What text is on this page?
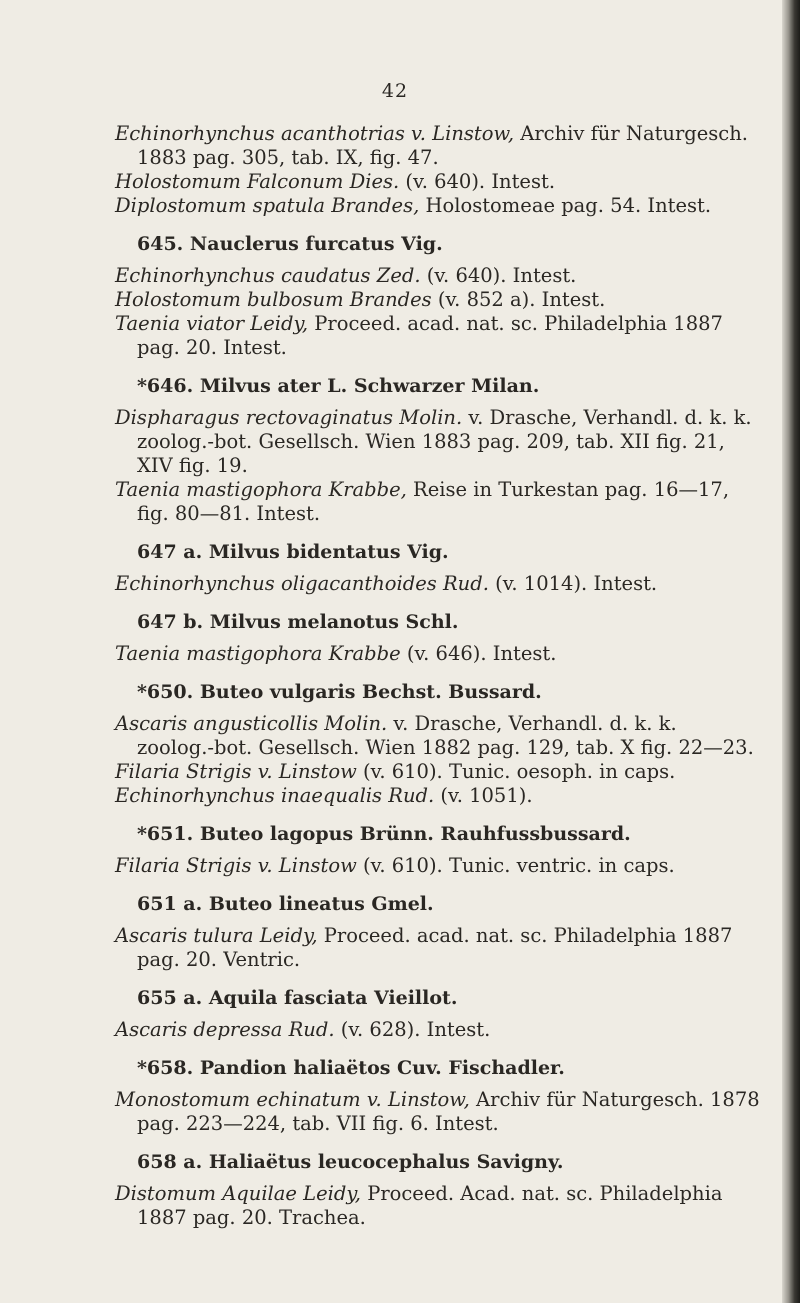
42
Echinorhynchus acanthotrias v. Linstow, Archiv für Naturgesch.
1883 pag. 305, tab. IX, fig. 47.
Holostomum Falconum Dies. (v. 640). Intest.
Diplostomum spatula Brandes, Holostomeae pag. 54. Intest.
645. Nauclerus furcatus Vig.
Echinorhynchus caudatus Zed. (v. 640). Intest.
Holostomum bulbosum Brandes (v. 852 a). Intest.
Taenia viator Leidy, Proceed. acad. nat. sc. Philadelphia 1887
pag. 20. Intest.
*646. Milvus ater L. Schwarzer Milan.
Dispharagus rectovaginatus Molin. v. Drasche, Verhandl. d. k. k.
zoolog.-bot. Gesellsch. Wien 1883 pag. 209, tab. XII fig. 21,
XIV fig. 19.
Taenia mastigophora Krabbe, Reise in Turkestan pag. 16—17,
fig. 80—81. Intest.
647 a. Milvus bidentatus Vig.
Echinorhynchus oligacanthoides Rud. (v. 1014). Intest.
647 b. Milvus melanotus Schl.
Taenia mastigophora Krabbe (v. 646). Intest.
*650. Buteo vulgaris Bechst. Bussard.
Ascaris angusticollis Molin. v. Drasche, Verhandl. d. k. k.
zoolog.-bot. Gesellsch. Wien 1882 pag. 129, tab. X fig. 22—23.
Filaria Strigis v. Linstow (v. 610). Tunic. oesoph. in caps.
Echinorhynchus inaequalis Rud. (v. 1051).
*651. Buteo lagopus Brünn. Rauhfussbussard.
Filaria Strigis v. Linstow (v. 610). Tunic. ventric. in caps.
651 a. Buteo lineatus Gmel.
Ascaris tulura Leidy, Proceed. acad. nat. sc. Philadelphia 1887
pag. 20. Ventric.
655 a. Aquila fasciata Vieillot.
Ascaris depressa Rud. (v. 628). Intest.
*658. Pandion haliaëtos Cuv. Fischadler.
Monostomum echinatum v. Linstow, Archiv für Naturgesch. 1878
pag. 223—224, tab. VII fig. 6. Intest.
658 a. Haliaëtus leucocephalus Savigny.
Distomum Aquilae Leidy, Proceed. Acad. nat. sc. Philadelphia
1887 pag. 20. Trachea.
